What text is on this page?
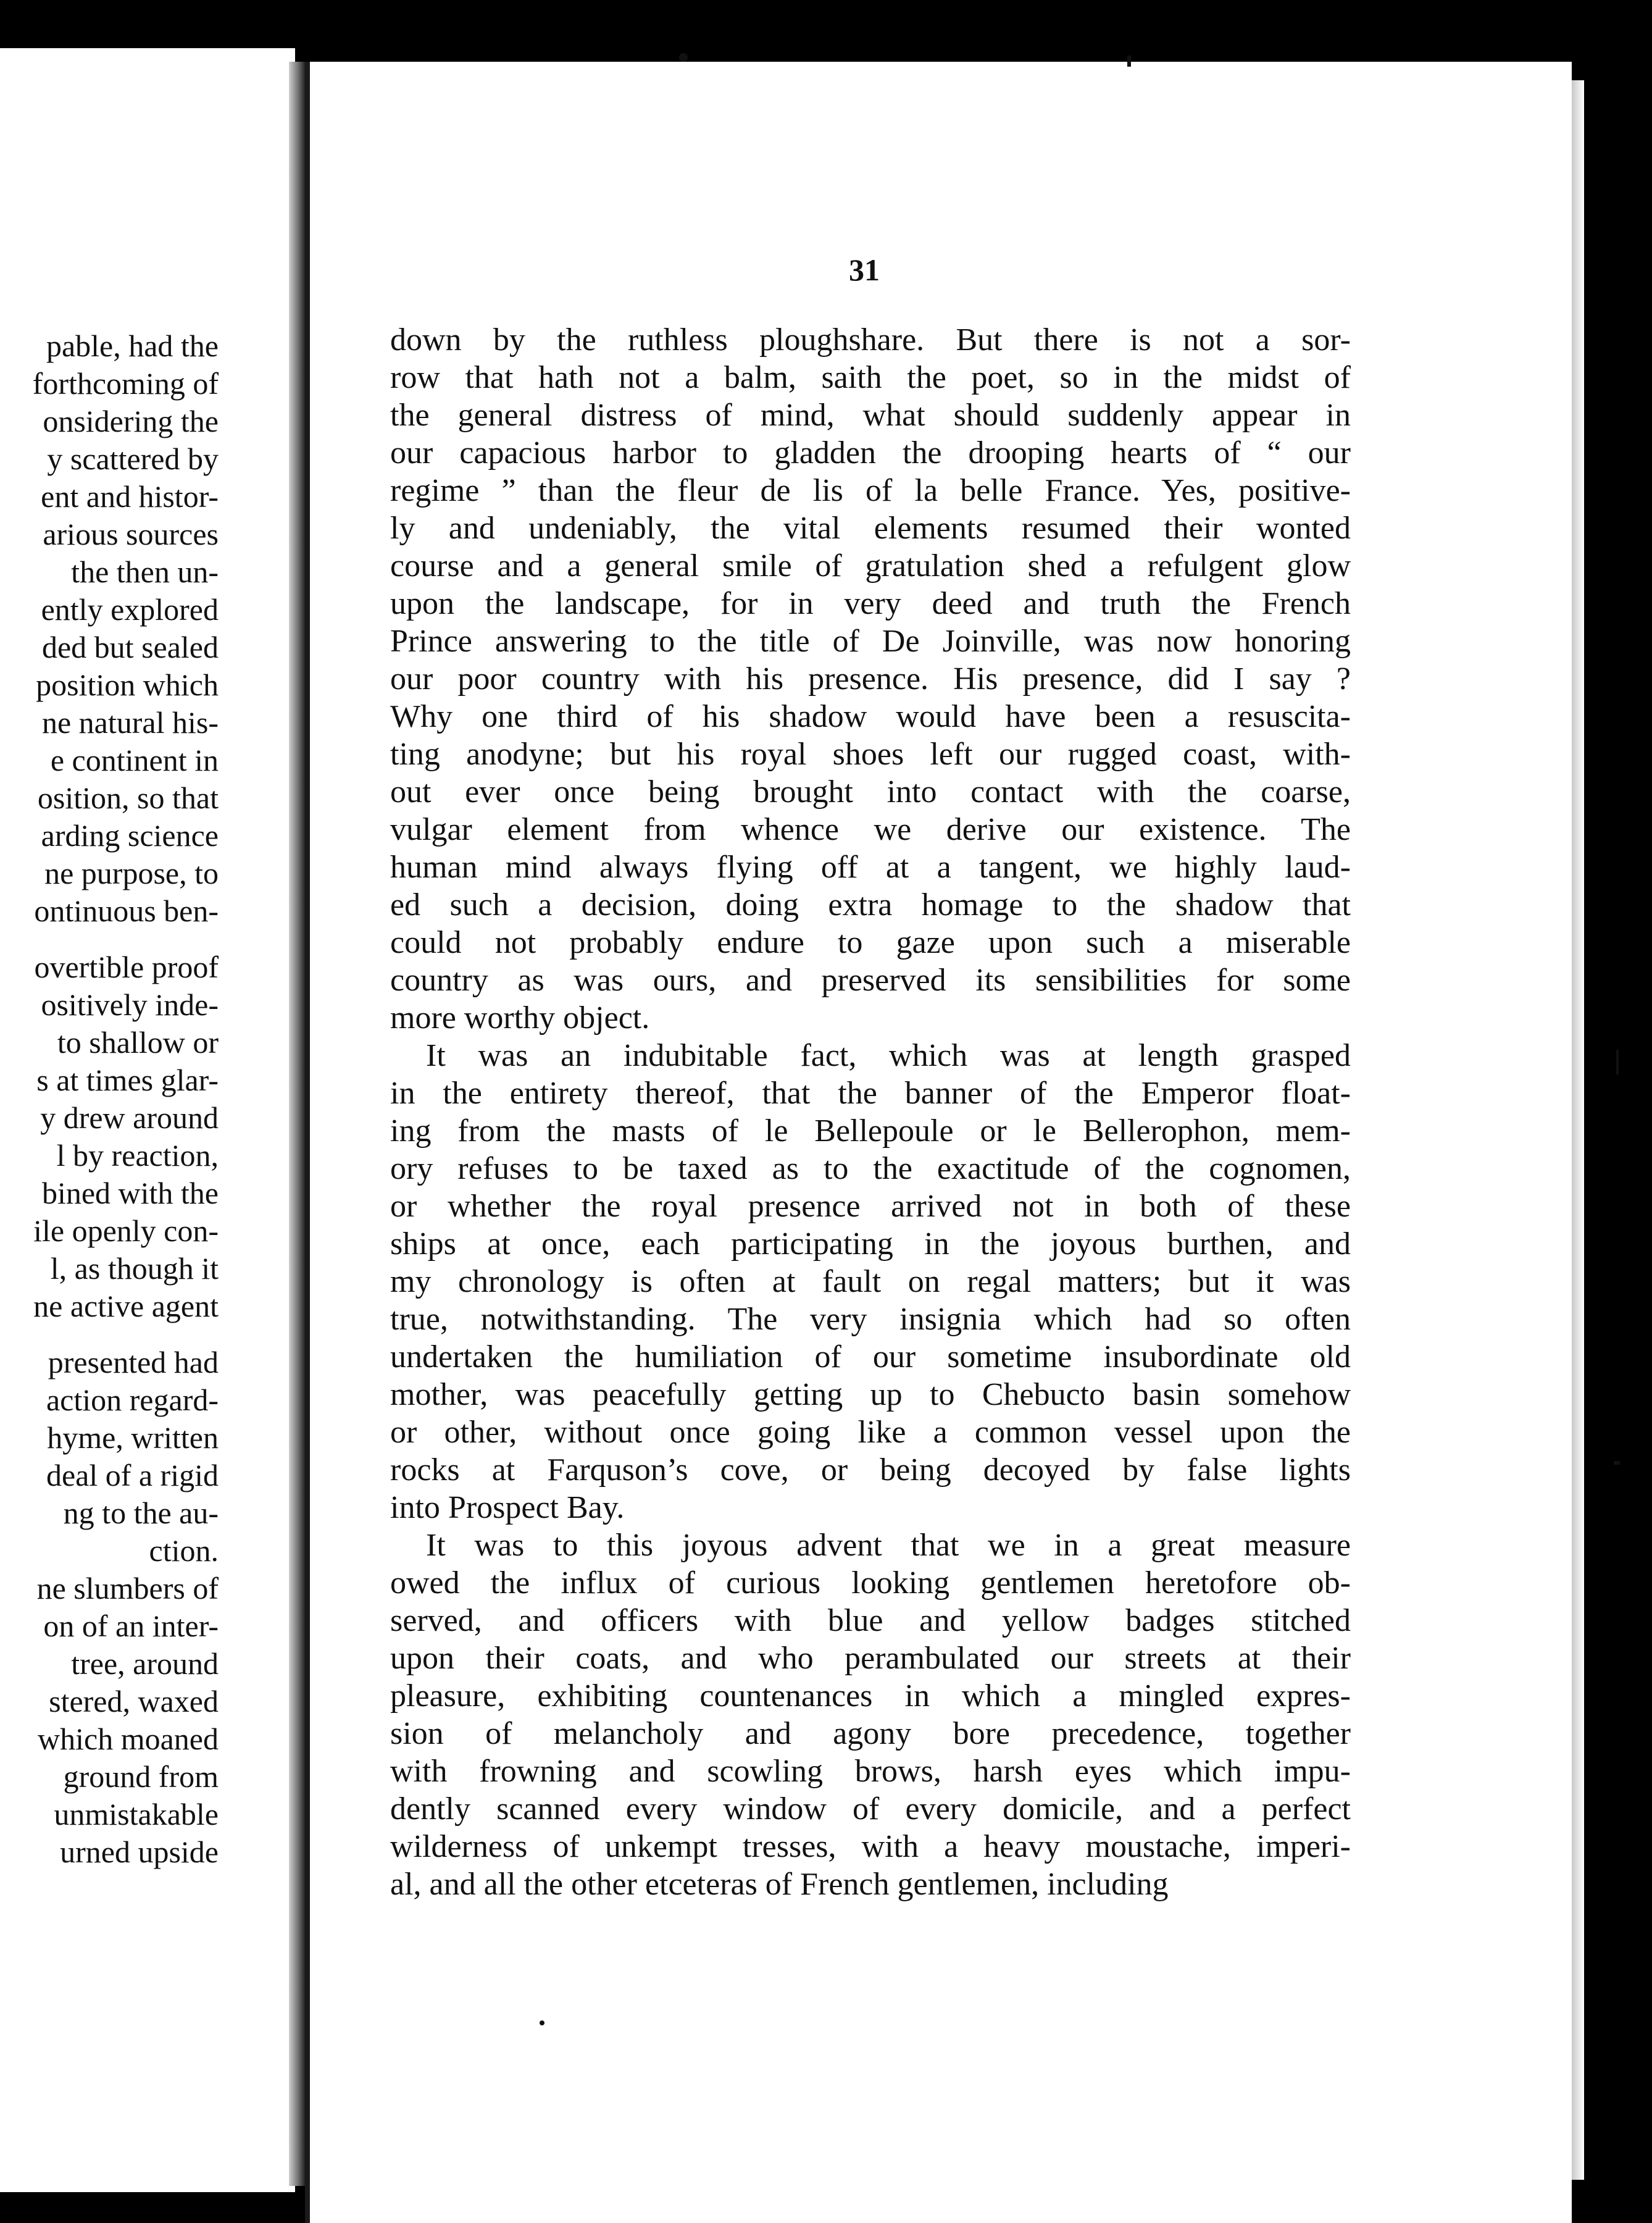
pable, had the
forthcoming of
onsidering the
y scattered by
ent and histor-
arious sources
the then un-
ently explored
ded but sealed
position which
ne natural his-
e continent in
osition, so that
arding science
ne purpose, to
ontinuous ben-
overtible proof
ositively inde-
to shallow or
s at times glar-
y drew around
l by reaction,
bined with the
ile openly con-
l, as though it
ne active agent
presented had
action regard-
hyme, written
deal of a rigid
ng to the au-
ction.
ne slumbers of
on of an inter-
tree, around
stered, waxed
which moaned
ground from
unmistakable
urned upside
31
down by the ruthless ploughshare. But there is not a sor-
row that hath not a balm, saith the poet, so in the midst of
the general distress of mind, what should suddenly appear in
our capacious harbor to gladden the drooping hearts of “ our
regime ” than the fleur de lis of la belle France. Yes, positive-
ly and undeniably, the vital elements resumed their wonted
course and a general smile of gratulation shed a refulgent glow
upon the landscape, for in very deed and truth the French
Prince answering to the title of De Joinville, was now honoring
our poor country with his presence. His presence, did I say ?
Why one third of his shadow would have been a resuscita-
ting anodyne; but his royal shoes left our rugged coast, with-
out ever once being brought into contact with the coarse,
vulgar element from whence we derive our existence. The
human mind always flying off at a tangent, we highly laud-
ed such a decision, doing extra homage to the shadow that
could not probably endure to gaze upon such a miserable
country as was ours, and preserved its sensibilities for some
more worthy object.
It was an indubitable fact, which was at length grasped
in the entirety thereof, that the banner of the Emperor float-
ing from the masts of le Bellepoule or le Bellerophon, mem-
ory refuses to be taxed as to the exactitude of the cognomen,
or whether the royal presence arrived not in both of these
ships at once, each participating in the joyous burthen, and
my chronology is often at fault on regal matters; but it was
true, notwithstanding. The very insignia which had so often
undertaken the humiliation of our sometime insubordinate old
mother, was peacefully getting up to Chebucto basin somehow
or other, without once going like a common vessel upon the
rocks at Farquson’s cove, or being decoyed by false lights
into Prospect Bay.
It was to this joyous advent that we in a great measure
owed the influx of curious looking gentlemen heretofore ob-
served, and officers with blue and yellow badges stitched
upon their coats, and who perambulated our streets at their
pleasure, exhibiting countenances in which a mingled expres-
sion of melancholy and agony bore precedence, together
with frowning and scowling brows, harsh eyes which impu-
dently scanned every window of every domicile, and a perfect
wilderness of unkempt tresses, with a heavy moustache, imperi-
al, and all the other etceteras of French gentlemen, including
